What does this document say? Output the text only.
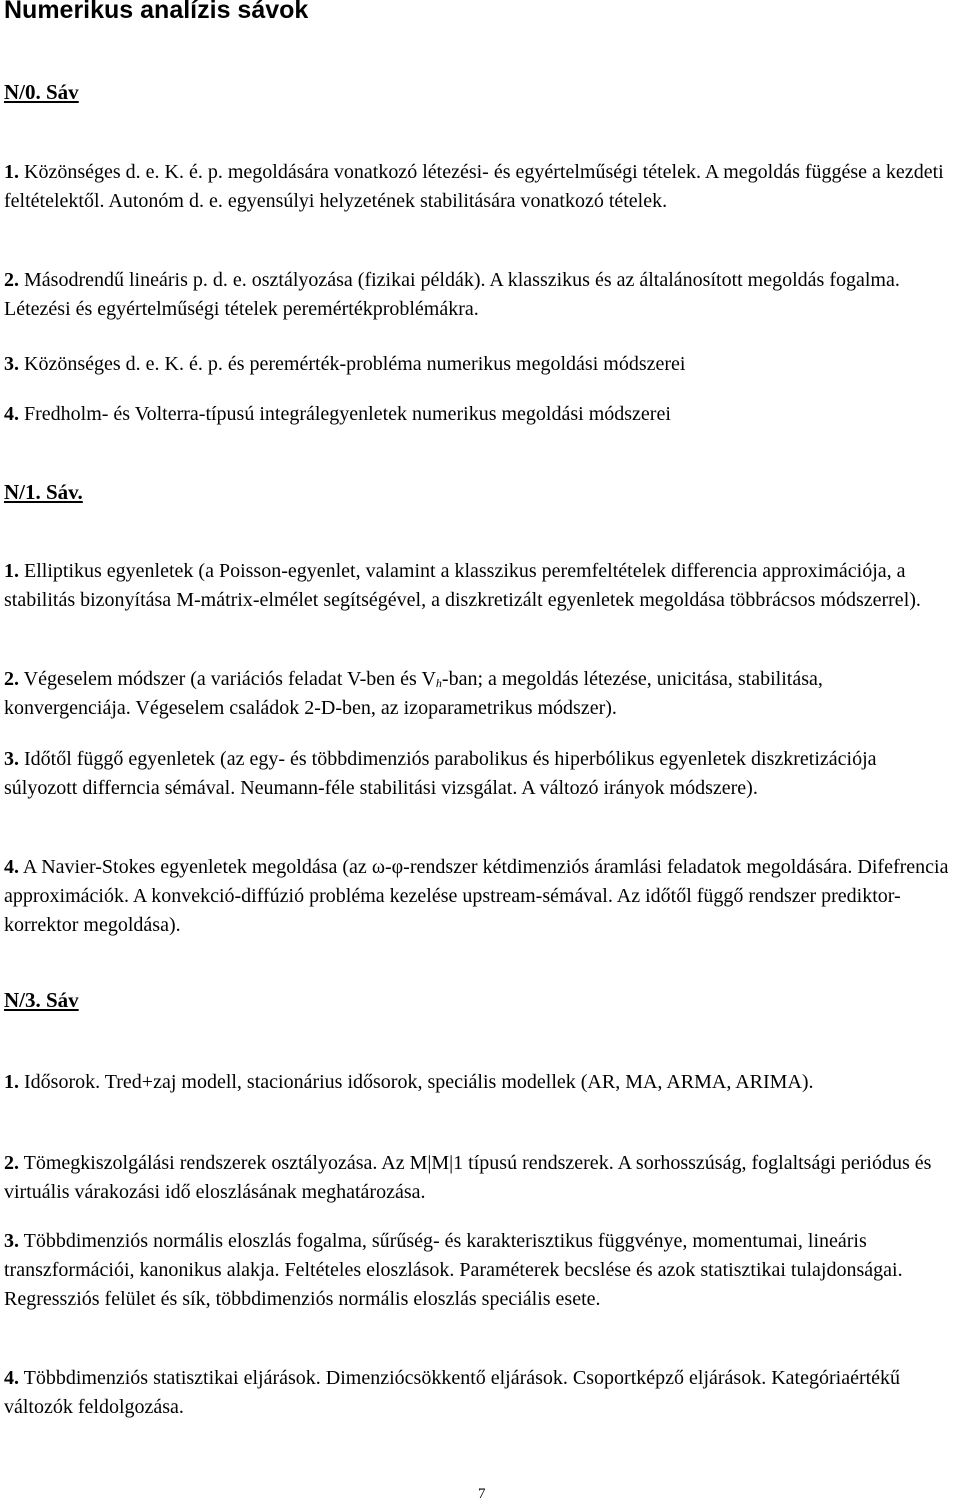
Numerikus analízis sávok
N/0. Sáv

1. Közönséges d. e. K. é. p. megoldására vonatkozó létezési- és egyértelműségi tételek. A megoldás függése a kezdeti feltételektől. Autonóm d. e. egyensúlyi helyzetének stabilitására vonatkozó tételek.

2. Másodrendű lineáris p. d. e. osztályozása (fizikai példák). A klasszikus és az általánosított megoldás fogalma. Létezési és egyértelműségi tételek peremértékproblémákra.

3. Közönséges d. e. K. é. p. és peremérték-probléma numerikus megoldási módszerei

4. Fredholm- és Volterra-típusú integrálegyenletek numerikus megoldási módszerei

N/1. Sáv.

1. Elliptikus egyenletek (a Poisson-egyenlet, valamint a klasszikus peremfeltételek differencia approximációja, a stabilitás bizonyítása M-mátrix-elmélet segítségével, a diszkretizált egyenletek megoldása többrácsos módszerrel).

2. Végeselem módszer (a variációs feladat V-ben és $V_h$-ban; a megoldás létezése, unicitása, stabilitása, konvergenciája. Végeselem családok 2-D-ben, az izoparametrikus módszer).

3. Időtől függő egyenletek (az egy- és többdimenziós parabolikus és hiperbólikus egyenletek diszkretizációja súlyozott differncia sémával. Neumann-féle stabilitási vizsgálat. A változó irányok módszere).

4. A Navier-Stokes egyenletek megoldása (az ω-φ-rendszer kétdimenziós áramlási feladatok megoldására. Difefrencia approximációk. A konvekció-diffúzió probléma kezelése upstream-sémával. Az időtől függő rendszer prediktor-korrektor megoldása).

N/3. Sáv

1. Idősorok. Tred+zaj modell, stacionárius idősorok, speciális modellek (AR, MA, ARMA, ARIMA).

2. Tömegkiszolgálási rendszerek osztályozása. Az M|M|1 típusú rendszerek. A sorhosszúság, foglaltsági periódus és virtuális várakozási idő eloszlásának meghatározása.

3. Többdimenziós normális eloszlás fogalma, sűrűség- és karakterisztikus függvénye, momentumai, lineáris transzformációi, kanonikus alakja. Feltételes eloszlások. Paraméterek becslése és azok statisztikai tulajdonságai. Regressziós felület és sík, többdimenziós normális eloszlás speciális esete.

4. Többdimenziós statisztikai eljárások. Dimenziócsökkentő eljárások. Csoportképző eljárások. Kategóriaértékű változók feldolgozása.

7
